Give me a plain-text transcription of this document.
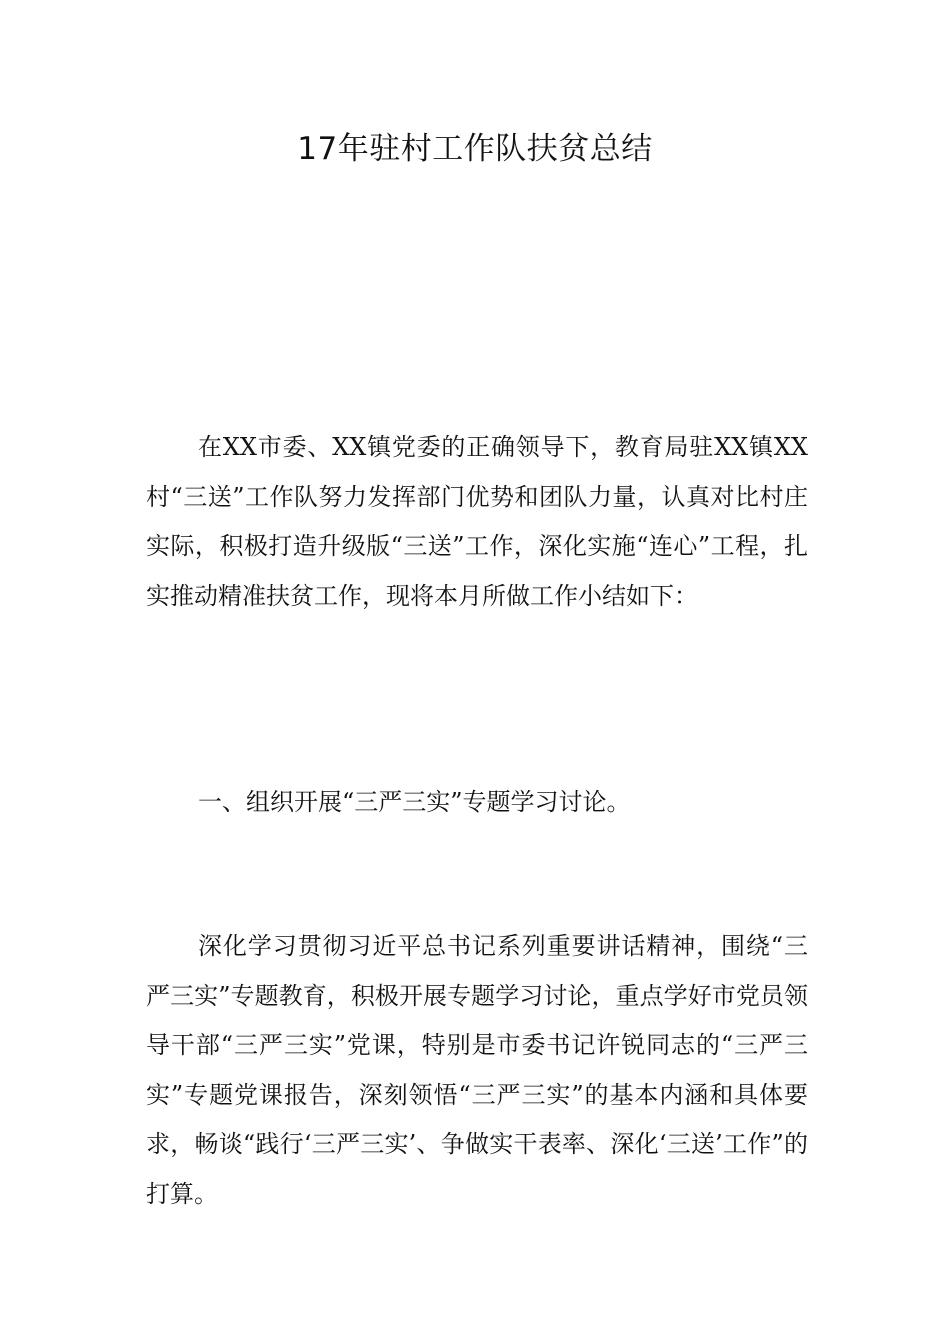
17年驻村工作队扶贫总结

在XX市委、XX镇党委的正确领导下，教育局驻XX镇XX村“三送”工作队努力发挥部门优势和团队力量，认真对比村庄实际，积极打造升级版“三送”工作，深化实施“连心”工程，扎实推动精准扶贫工作，现将本月所做工作小结如下：

一、组织开展“三严三实”专题学习讨论。

深化学习贯彻习近平总书记系列重要讲话精神，围绕“三严三实”专题教育，积极开展专题学习讨论，重点学好市党员领导干部“三严三实”党课，特别是市委书记许锐同志的“三严三实”专题党课报告，深刻领悟“三严三实”的基本内涵和具体要求，畅谈“践行‘三严三实’、争做实干表率、深化‘三送’工作”的打算。
